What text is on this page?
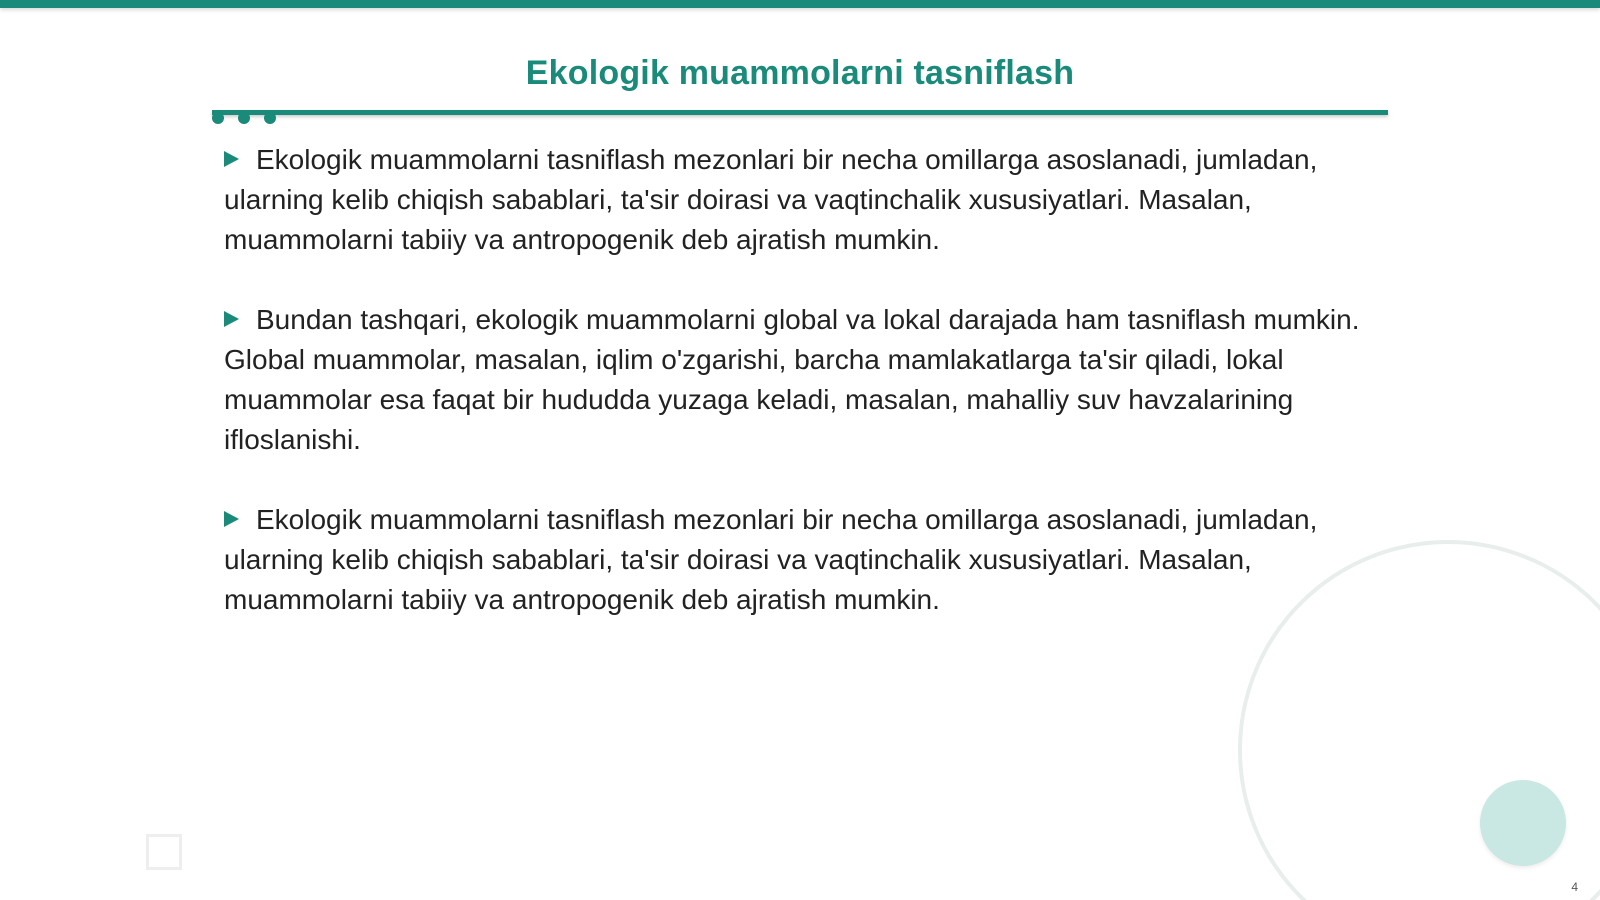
Ekologik muammolarni tasniflash

Ekologik muammolarni tasniflash mezonlari bir necha omillarga asoslanadi, jumladan, ularning kelib chiqish sabablari, ta'sir doirasi va vaqtinchalik xususiyatlari. Masalan, muammolarni tabiiy va antropogenik deb ajratish mumkin.

Bundan tashqari, ekologik muammolarni global va lokal darajada ham tasniflash mumkin. Global muammolar, masalan, iqlim o'zgarishi, barcha mamlakatlarga ta'sir qiladi, lokal muammolar esa faqat bir hududda yuzaga keladi, masalan, mahalliy suv havzalarining ifloslanishi.

Ekologik muammolarni tasniflash mezonlari bir necha omillarga asoslanadi, jumladan, ularning kelib chiqish sabablari, ta'sir doirasi va vaqtinchalik xususiyatlari. Masalan, muammolarni tabiiy va antropogenik deb ajratish mumkin.

4
